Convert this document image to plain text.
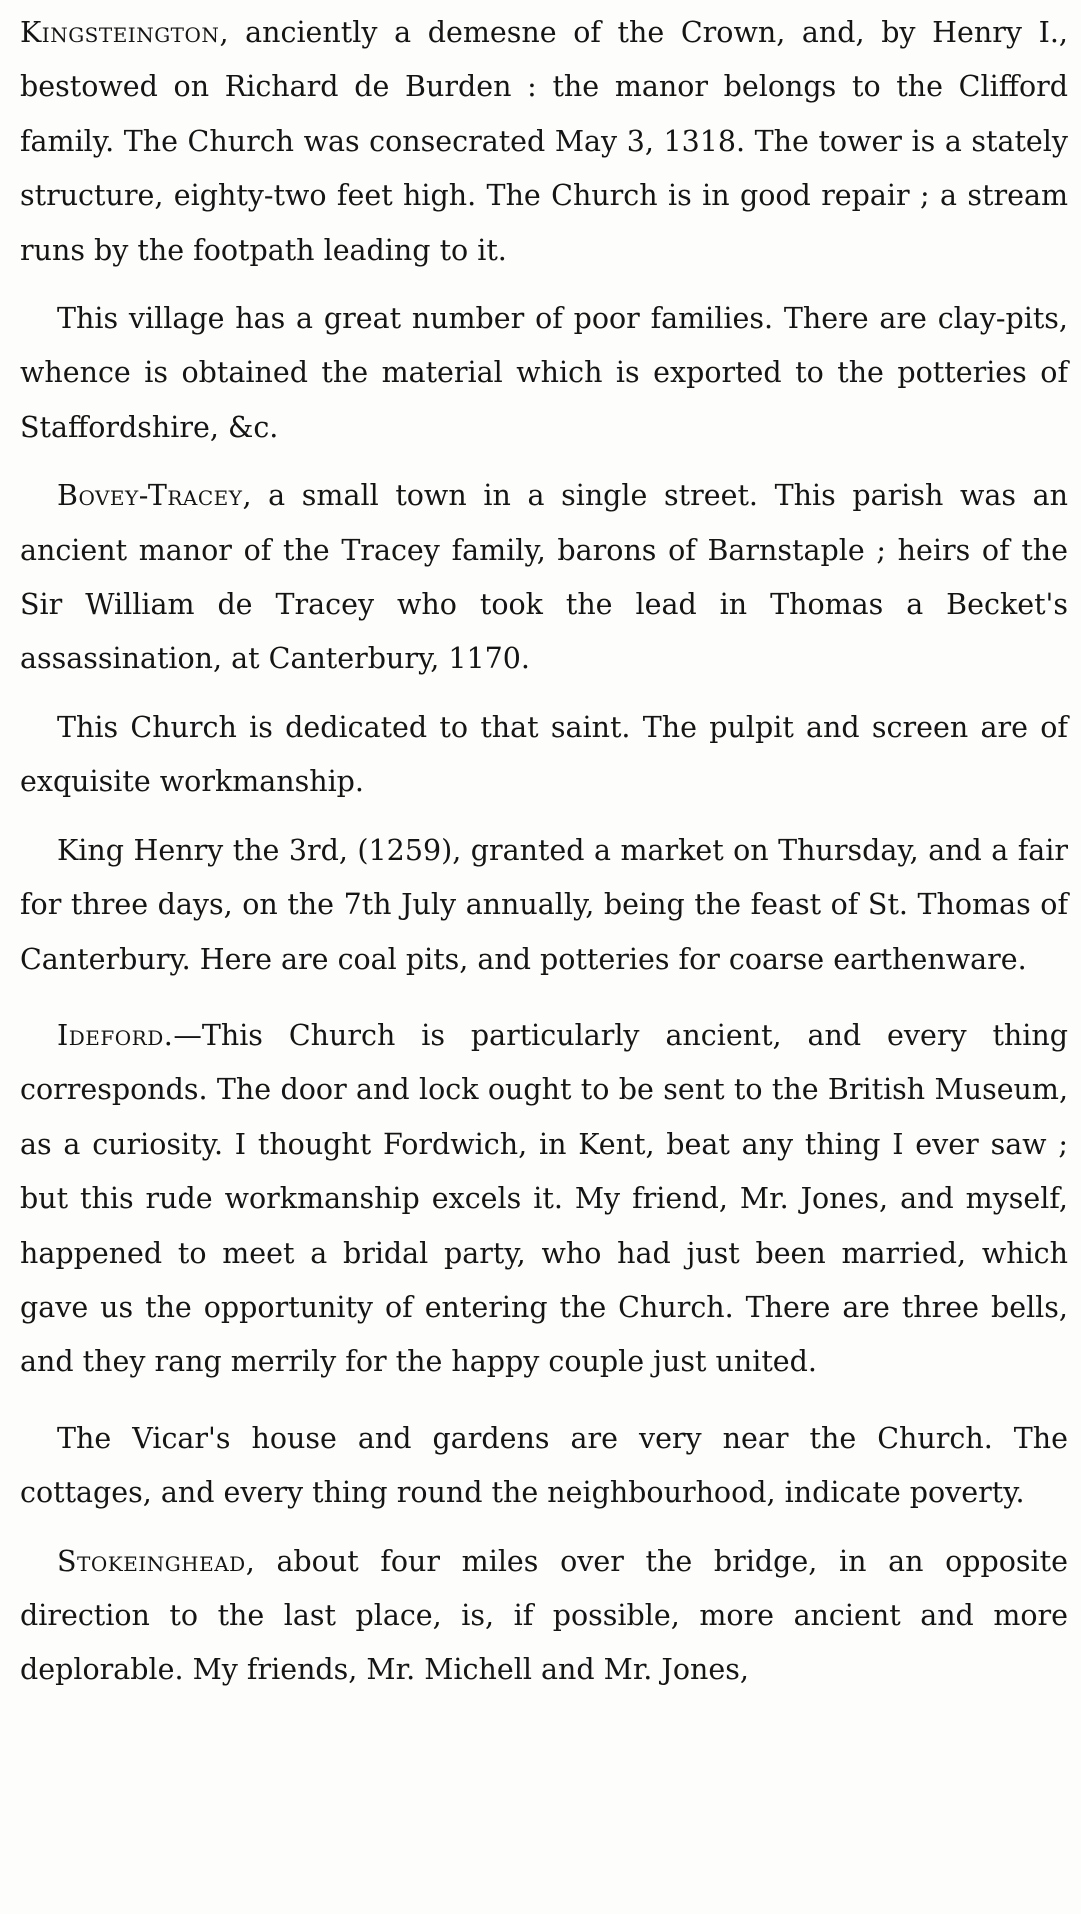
Kingsteington, anciently a demesne of the Crown, and, by Henry I., bestowed on Richard de Burden : the manor belongs to the Clifford family. The Church was consecrated May 3, 1318. The tower is a stately structure, eighty-two feet high. The Church is in good repair ; a stream runs by the footpath leading to it.

This village has a great number of poor families. There are clay-pits, whence is obtained the material which is exported to the potteries of Staffordshire, &c.

Bovey-Tracey, a small town in a single street. This parish was an ancient manor of the Tracey family, barons of Barnstaple ; heirs of the Sir William de Tracey who took the lead in Thomas a Becket's assassination, at Canterbury, 1170.

This Church is dedicated to that saint. The pulpit and screen are of exquisite workmanship.

King Henry the 3rd, (1259), granted a market on Thursday, and a fair for three days, on the 7th July annually, being the feast of St. Thomas of Canterbury. Here are coal pits, and potteries for coarse earthenware.

Ideford.—This Church is particularly ancient, and every thing corresponds. The door and lock ought to be sent to the British Museum, as a curiosity. I thought Fordwich, in Kent, beat any thing I ever saw ; but this rude workmanship excels it. My friend, Mr. Jones, and myself, happened to meet a bridal party, who had just been married, which gave us the opportunity of entering the Church. There are three bells, and they rang merrily for the happy couple just united.

The Vicar's house and gardens are very near the Church. The cottages, and every thing round the neighbourhood, indicate poverty.

Stokeinghead, about four miles over the bridge, in an opposite direction to the last place, is, if possible, more ancient and more deplorable. My friends, Mr. Michell and Mr. Jones,
